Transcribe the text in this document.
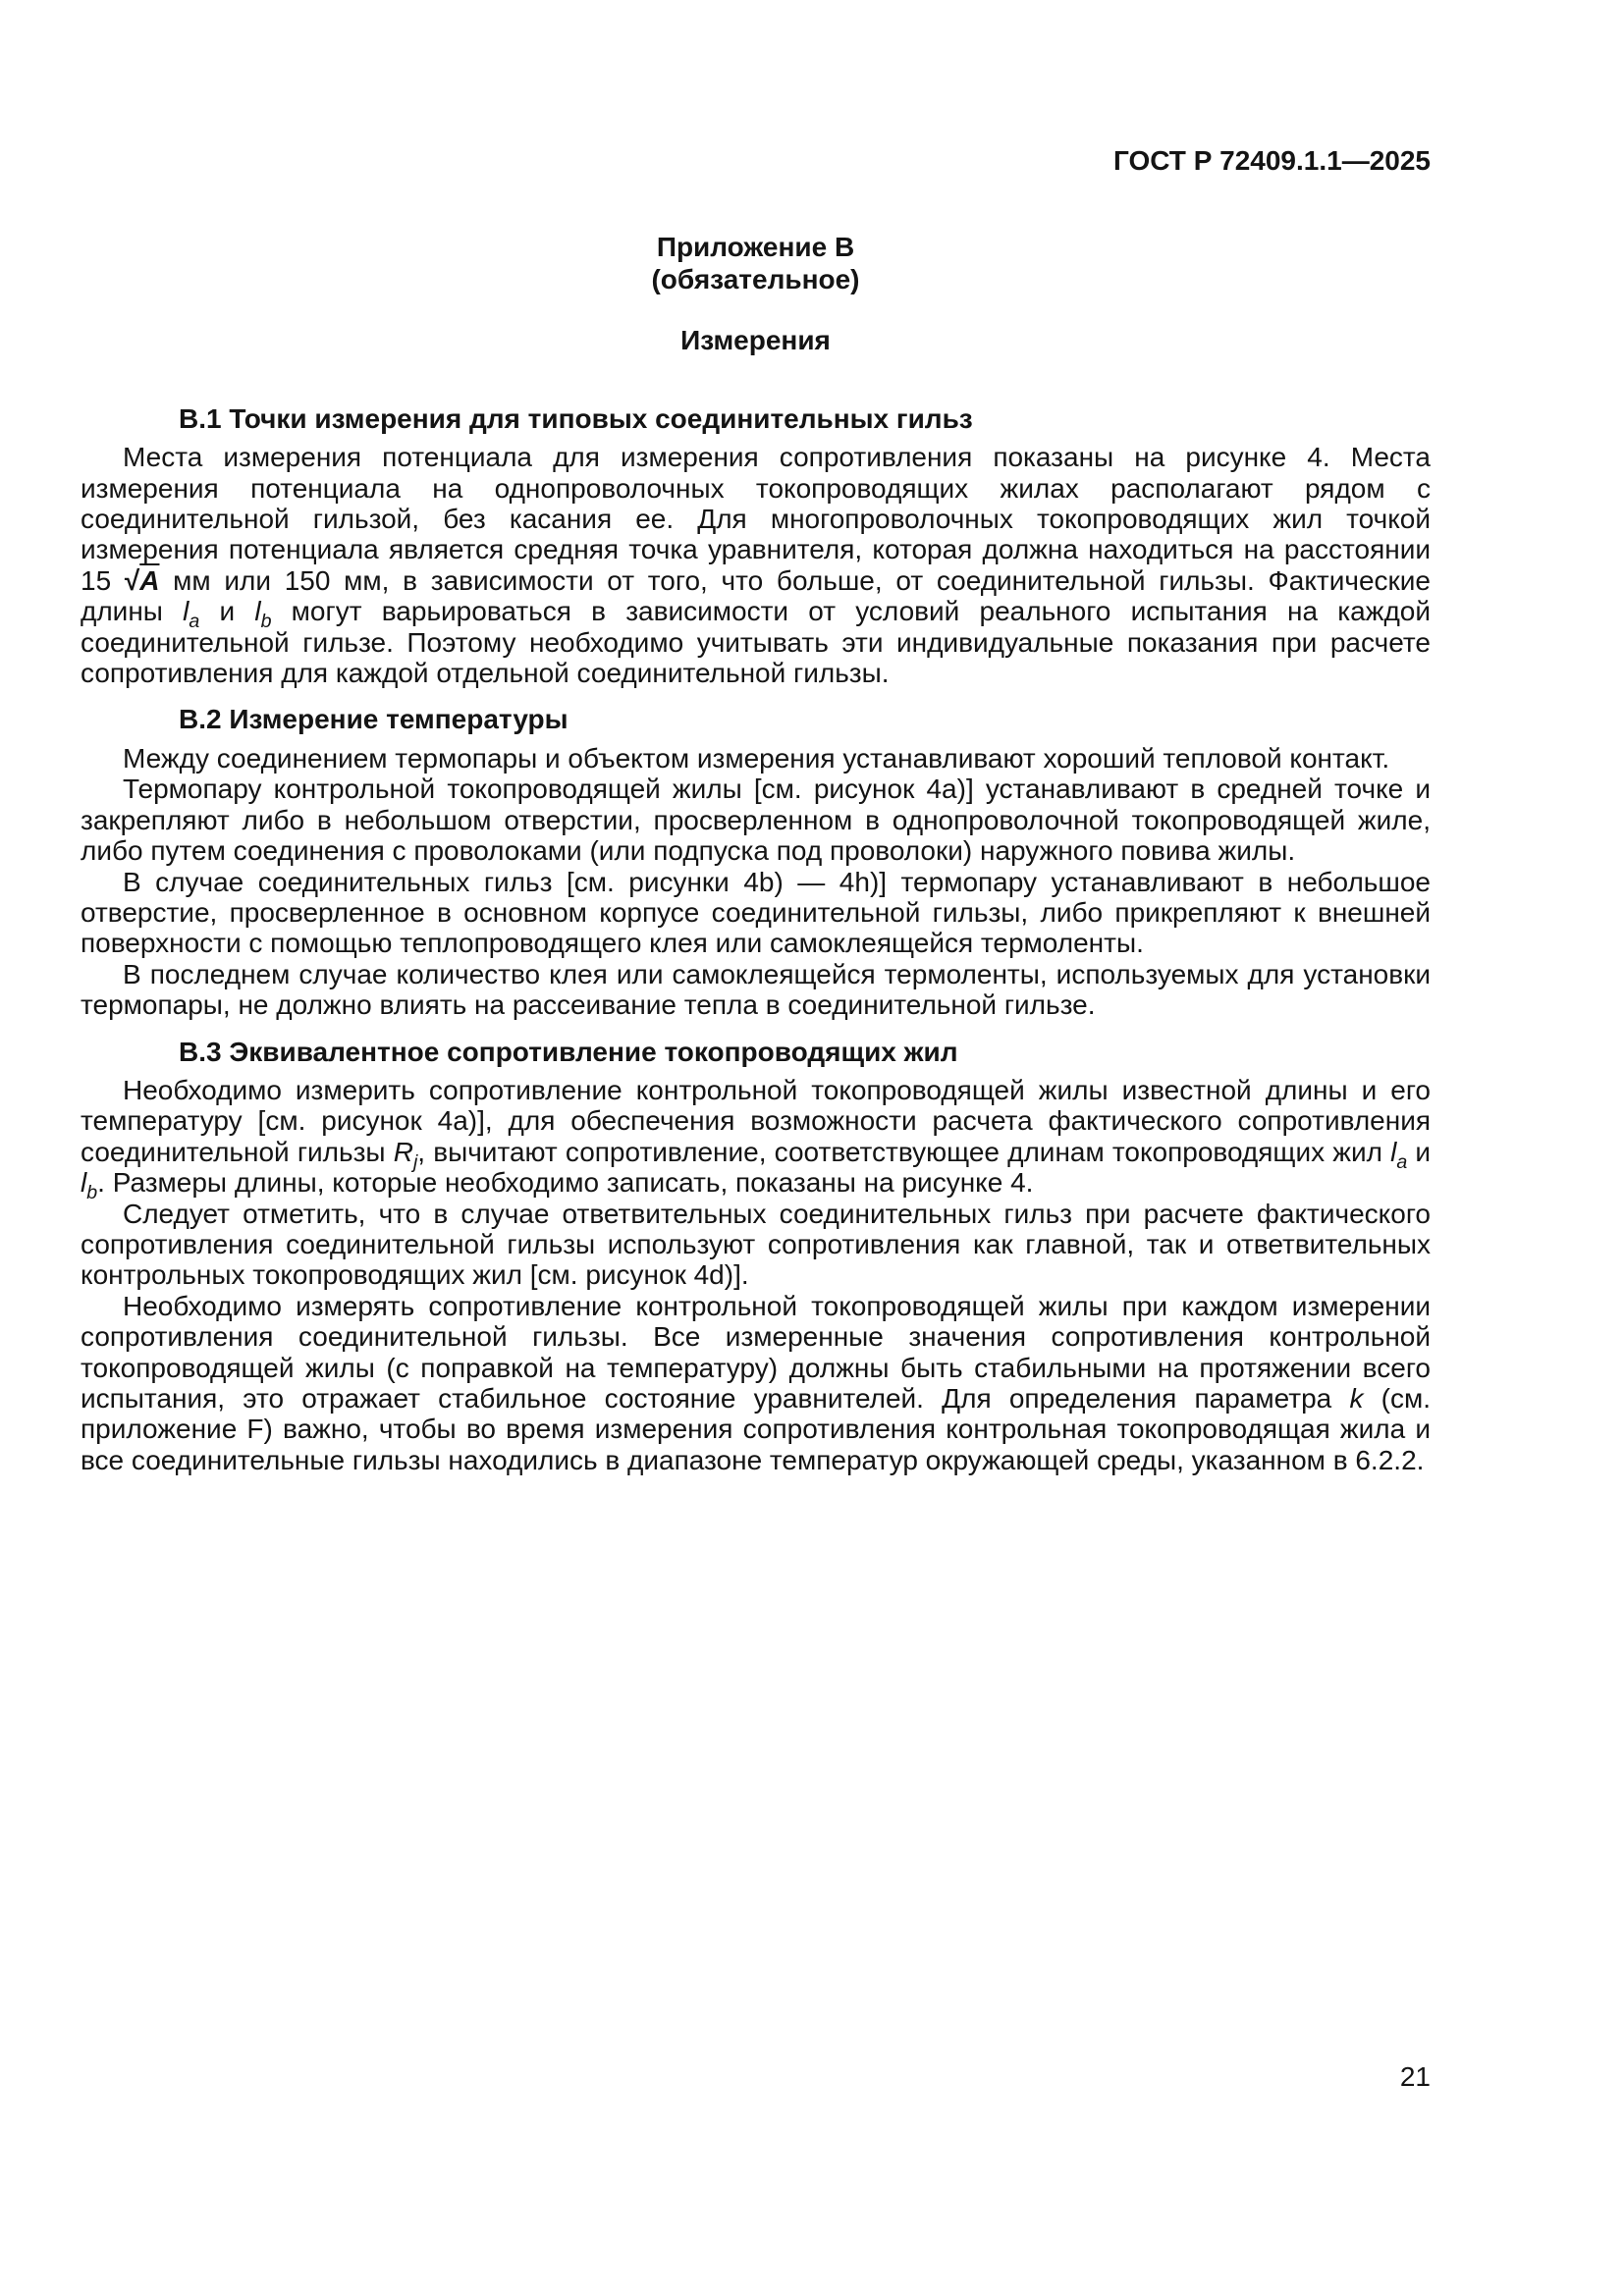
ГОСТ Р 72409.1.1—2025
Приложение В
(обязательное)
Измерения
В.1 Точки измерения для типовых соединительных гильз

Места измерения потенциала для измерения сопротивления показаны на рисунке 4. Места измерения потенциала на однопроволочных токопроводящих жилах располагают рядом с соединительной гильзой, без касания ее. Для многопроволочных токопроводящих жил точкой измерения потенциала является средняя точка уравнителя, которая должна находиться на расстоянии 15 √A мм или 150 мм, в зависимости от того, что больше, от соединительной гильзы. Фактические длины $l_a$ и $l_b$ могут варьироваться в зависимости от условий реального испытания на каждой соединительной гильзе. Поэтому необходимо учитывать эти индивидуальные показания при расчете сопротивления для каждой отдельной соединительной гильзы.

В.2 Измерение температуры

Между соединением термопары и объектом измерения устанавливают хороший тепловой контакт.

Термопару контрольной токопроводящей жилы [см. рисунок 4a)] устанавливают в средней точке и закрепляют либо в небольшом отверстии, просверленном в однопроволочной токопроводящей жиле, либо путем соединения с проволоками (или подпуска под проволоки) наружного повива жилы.

В случае соединительных гильз [см. рисунки 4b) — 4h)] термопару устанавливают в небольшое отверстие, просверленное в основном корпусе соединительной гильзы, либо прикрепляют к внешней поверхности с помощью теплопроводящего клея или самоклеящейся термоленты.

В последнем случае количество клея или самоклеящейся термоленты, используемых для установки термопары, не должно влиять на рассеивание тепла в соединительной гильзе.

В.3 Эквивалентное сопротивление токопроводящих жил

Необходимо измерить сопротивление контрольной токопроводящей жилы известной длины и его температуру [см. рисунок 4a)], для обеспечения возможности расчета фактического сопротивления соединительной гильзы $R_j$, вычитают сопротивление, соответствующее длинам токопроводящих жил $l_a$ и $l_b$. Размеры длины, которые необходимо записать, показаны на рисунке 4.

Следует отметить, что в случае ответвительных соединительных гильз при расчете фактического сопротивления соединительной гильзы используют сопротивления как главной, так и ответвительных контрольных токопроводящих жил [см. рисунок 4d)].

Необходимо измерять сопротивление контрольной токопроводящей жилы при каждом измерении сопротивления соединительной гильзы. Все измеренные значения сопротивления контрольной токопроводящей жилы (с поправкой на температуру) должны быть стабильными на протяжении всего испытания, это отражает стабильное состояние уравнителей. Для определения параметра k (см. приложение F) важно, чтобы во время измерения сопротивления контрольная токопроводящая жила и все соединительные гильзы находились в диапазоне температур окружающей среды, указанном в 6.2.2.

21
